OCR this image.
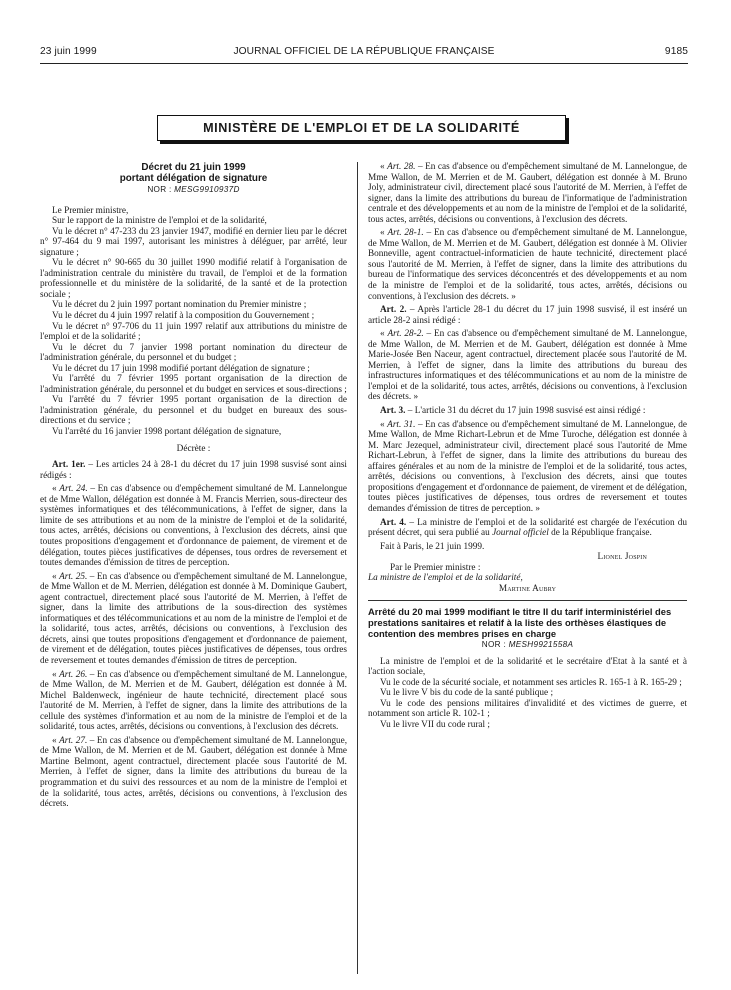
23 juin 1999	JOURNAL OFFICIEL DE LA RÉPUBLIQUE FRANÇAISE	9185
MINISTÈRE DE L'EMPLOI ET DE LA SOLIDARITÉ
Décret du 21 juin 1999
portant délégation de signature
NOR : MESG9910937D

Le Premier ministre,

Sur le rapport de la ministre de l'emploi et de la solidarité,

Vu le décret n° 47-233 du 23 janvier 1947, modifié en dernier lieu par le décret n° 97-464 du 9 mai 1997, autorisant les ministres à déléguer, par arrêté, leur signature ;

Vu le décret n° 90-665 du 30 juillet 1990 modifié relatif à l'organisation de l'administration centrale du ministère du travail, de l'emploi et de la formation professionnelle et du ministère de la solidarité, de la santé et de la protection sociale ;

Vu le décret du 2 juin 1997 portant nomination du Premier ministre ;

Vu le décret du 4 juin 1997 relatif à la composition du Gouvernement ;

Vu le décret n° 97-706 du 11 juin 1997 relatif aux attributions du ministre de l'emploi et de la solidarité ;

Vu le décret du 7 janvier 1998 portant nomination du directeur de l'administration générale, du personnel et du budget ;

Vu le décret du 17 juin 1998 modifié portant délégation de signature ;

Vu l'arrêté du 7 février 1995 portant organisation de la direction de l'administration générale, du personnel et du budget en services et sous-directions ;

Vu l'arrêté du 7 février 1995 portant organisation de la direction de l'administration générale, du personnel et du budget en bureaux des sous-directions et du service ;

Vu l'arrêté du 16 janvier 1998 portant délégation de signature,

Décrète :

Art. 1er. – Les articles 24 à 28-1 du décret du 17 juin 1998 susvisé sont ainsi rédigés :

« Art. 24. – En cas d'absence ou d'empêchement simultané de M. Lannelongue et de Mme Wallon, délégation est donnée à M. Francis Merrien, sous-directeur des systèmes informatiques et des télécommunications, à l'effet de signer, dans la limite de ses attributions et au nom de la ministre de l'emploi et de la solidarité, tous actes, arrêtés, décisions ou conventions, à l'exclusion des décrets, ainsi que toutes propositions d'engagement et d'ordonnance de paiement, de virement et de délégation, toutes pièces justificatives de dépenses, tous ordres de reversement et toutes demandes d'émission de titres de perception.

« Art. 25. – En cas d'absence ou d'empêchement simultané de M. Lannelongue, de Mme Wallon et de M. Merrien, délégation est donnée à M. Dominique Gaubert, agent contractuel, directement placé sous l'autorité de M. Merrien, à l'effet de signer, dans la limite des attributions de la sous-direction des systèmes informatiques et des télécommunications et au nom de la ministre de l'emploi et de la solidarité, tous actes, arrêtés, décisions ou conventions, à l'exclusion des décrets, ainsi que toutes propositions d'engagement et d'ordonnance de paiement, de virement et de délégation, toutes pièces justificatives de dépenses, tous ordres de reversement et toutes demandes d'émission de titres de perception.

« Art. 26. – En cas d'absence ou d'empêchement simultané de M. Lannelongue, de Mme Wallon, de M. Merrien et de M. Gaubert, délégation est donnée à M. Michel Baldenweck, ingénieur de haute technicité, directement placé sous l'autorité de M. Merrien, à l'effet de signer, dans la limite des attributions de la cellule des systèmes d'information et au nom de la ministre de l'emploi et de la solidarité, tous actes, arrêtés, décisions ou conventions, à l'exclusion des décrets.

« Art. 27. – En cas d'absence ou d'empêchement simultané de M. Lannelongue, de Mme Wallon, de M. Merrien et de M. Gaubert, délégation est donnée à Mme Martine Belmont, agent contractuel, directement placée sous l'autorité de M. Merrien, à l'effet de signer, dans la limite des attributions du bureau de la programmation et du suivi des ressources et au nom de la ministre de l'emploi et de la solidarité, tous actes, arrêtés, décisions ou conventions, à l'exclusion des décrets.

« Art. 28. – En cas d'absence ou d'empêchement simultané de M. Lannelongue, de Mme Wallon, de M. Merrien et de M. Gaubert, délégation est donnée à M. Bruno Joly, administrateur civil, directement placé sous l'autorité de M. Merrien, à l'effet de signer, dans la limite des attributions du bureau de l'informatique de l'administration centrale et des développements et au nom de la ministre de l'emploi et de la solidarité, tous actes, arrêtés, décisions ou conventions, à l'exclusion des décrets.

« Art. 28-1. – En cas d'absence ou d'empêchement simultané de M. Lannelongue, de Mme Wallon, de M. Merrien et de M. Gaubert, délégation est donnée à M. Olivier Bonneville, agent contractuel-informaticien de haute technicité, directement placé sous l'autorité de M. Merrien, à l'effet de signer, dans la limite des attributions du bureau de l'informatique des services déconcentrés et des développements et au nom de la ministre de l'emploi et de la solidarité, tous actes, arrêtés, décisions ou conventions, à l'exclusion des décrets. »

Art. 2. – Après l'article 28-1 du décret du 17 juin 1998 susvisé, il est inséré un article 28-2 ainsi rédigé :

« Art. 28-2. – En cas d'absence ou d'empêchement simultané de M. Lannelongue, de Mme Wallon, de M. Merrien et de M. Gaubert, délégation est donnée à Mme Marie-Josée Ben Naceur, agent contractuel, directement placée sous l'autorité de M. Merrien, à l'effet de signer, dans la limite des attributions du bureau des infrastructures informatiques et des télécommunications et au nom de la ministre de l'emploi et de la solidarité, tous actes, arrêtés, décisions ou conventions, à l'exclusion des décrets. »

Art. 3. – L'article 31 du décret du 17 juin 1998 susvisé est ainsi rédigé :

« Art. 31. – En cas d'absence ou d'empêchement simultané de M. Lannelongue, de Mme Wallon, de Mme Richart-Lebrun et de Mme Turoche, délégation est donnée à M. Marc Jezequel, administrateur civil, directement placé sous l'autorité de Mme Richart-Lebrun, à l'effet de signer, dans la limite des attributions du bureau des affaires générales et au nom de la ministre de l'emploi et de la solidarité, tous actes, arrêtés, décisions ou conventions, à l'exclusion des décrets, ainsi que toutes propositions d'engagement et d'ordonnance de paiement, de virement et de délégation, toutes pièces justificatives de dépenses, tous ordres de reversement et toutes demandes d'émission de titres de perception. »

Art. 4. – La ministre de l'emploi et de la solidarité est chargée de l'exécution du présent décret, qui sera publié au Journal officiel de la République française.

Fait à Paris, le 21 juin 1999.

Lionel Jospin

Par le Premier ministre :

La ministre de l'emploi et de la solidarité,

Martine Aubry

Arrêté du 20 mai 1999 modifiant le titre II du tarif interministériel des prestations sanitaires et relatif à la liste des orthèses élastiques de contention des membres prises en charge
NOR : MESH9921558A

La ministre de l'emploi et de la solidarité et le secrétaire d'Etat à la santé et à l'action sociale,

Vu le code de la sécurité sociale, et notamment ses articles R. 165-1 à R. 165-29 ;

Vu le livre V bis du code de la santé publique ;

Vu le code des pensions militaires d'invalidité et des victimes de guerre, et notamment son article R. 102-1 ;

Vu le livre VII du code rural ;
